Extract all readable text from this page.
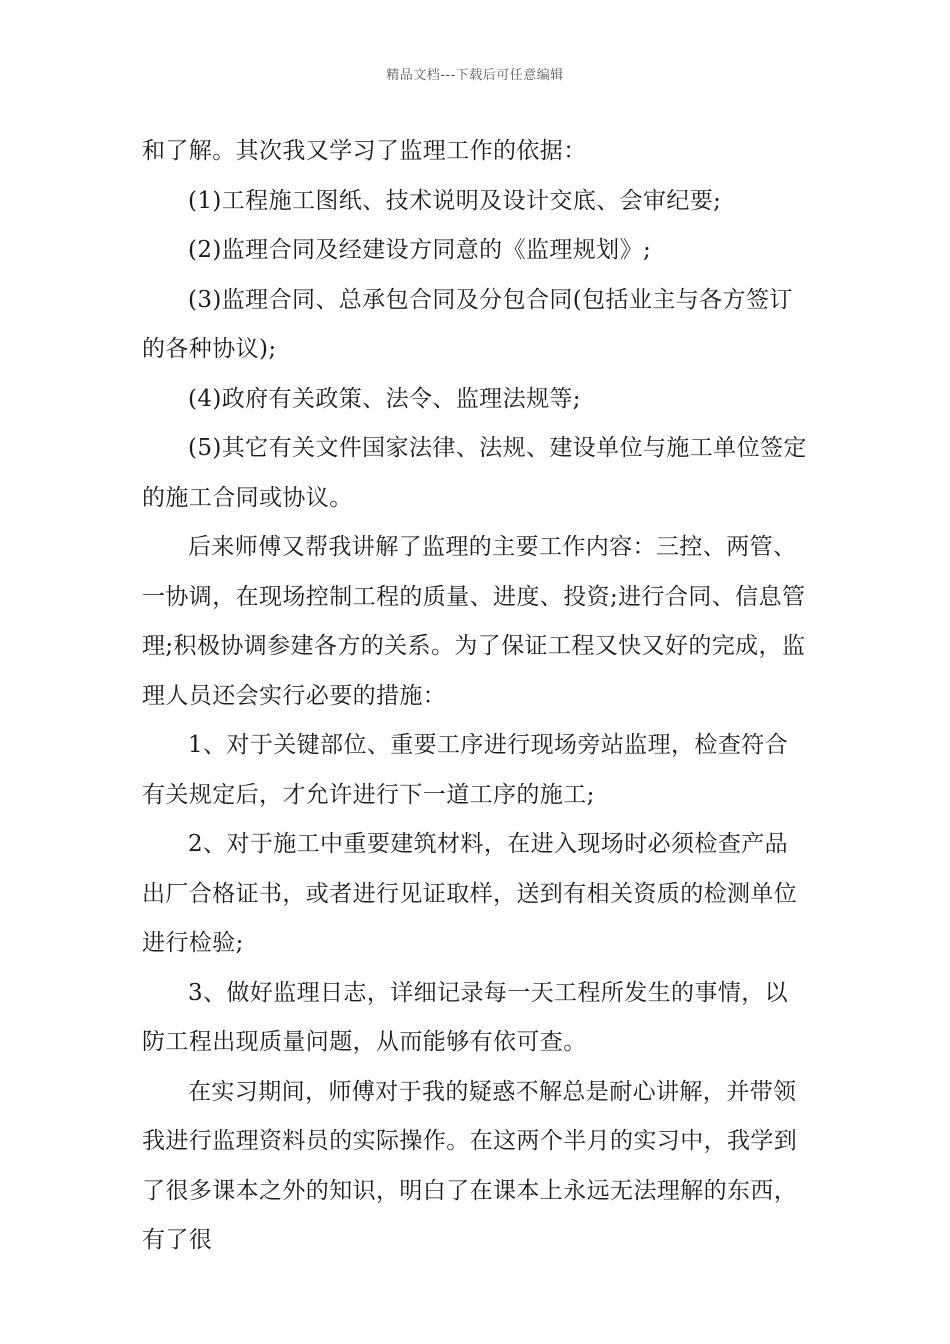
精品文档---下载后可任意编辑

和了解。其次我又学习了监理工作的依据：

(1)工程施工图纸、技术说明及设计交底、会审纪要;

(2)监理合同及经建设方同意的《监理规划》;

(3)监理合同、总承包合同及分包合同(包括业主与各方签订的各种协议);

(4)政府有关政策、法令、监理法规等;

(5)其它有关文件国家法律、法规、建设单位与施工单位签定的施工合同或协议。

后来师傅又帮我讲解了监理的主要工作内容：三控、两管、一协调，在现场控制工程的质量、进度、投资;进行合同、信息管理;积极协调参建各方的关系。为了保证工程又快又好的完成，监理人员还会实行必要的措施：

1、对于关键部位、重要工序进行现场旁站监理，检查符合有关规定后，才允许进行下一道工序的施工;

2、对于施工中重要建筑材料，在进入现场时必须检查产品出厂合格证书，或者进行见证取样，送到有相关资质的检测单位进行检验;

3、做好监理日志，详细记录每一天工程所发生的事情，以防工程出现质量问题，从而能够有依可查。

在实习期间，师傅对于我的疑惑不解总是耐心讲解，并带领我进行监理资料员的实际操作。在这两个半月的实习中，我学到了很多课本之外的知识，明白了在课本上永远无法理解的东西，有了很
